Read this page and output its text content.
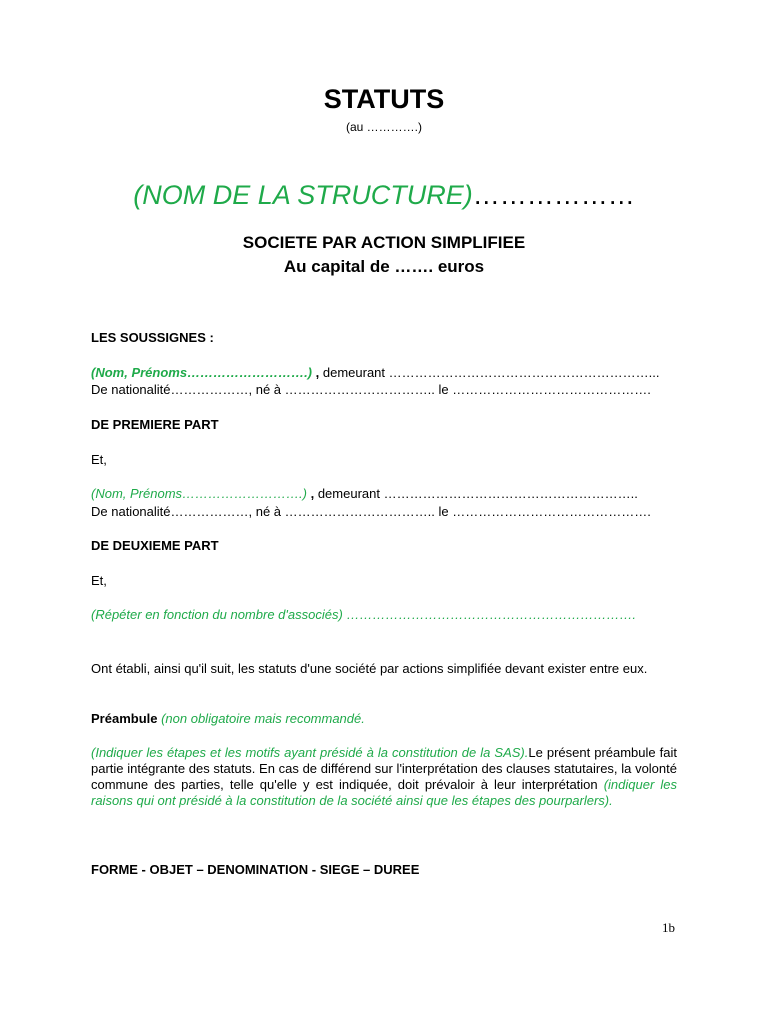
STATUTS
(au ………….)
(NOM DE LA STRUCTURE)………………
SOCIETE PAR ACTION SIMPLIFIEE
Au capital de ……. euros
LES SOUSSIGNES :
(Nom, Prénoms……………………….) , demeurant ……………………………………………………...
De nationalité………………, né à …………………………….. le ……………………………………….
DE PREMIERE PART
Et,
(Nom, Prénoms……………………….) , demeurant …………………………………………………..
De nationalité………………, né à …………………………….. le ……………………………………….
DE DEUXIEME PART
Et,
(Répéter en fonction du nombre d'associés) ………………………………………………………….
Ont établi, ainsi qu'il suit, les statuts d'une société par actions simplifiée devant exister entre eux.
Préambule (non obligatoire mais recommandé.
(Indiquer les étapes et les motifs ayant présidé à la constitution de la SAS).Le présent préambule fait partie intégrante des statuts. En cas de différend sur l'interprétation des clauses statutaires, la volonté commune des parties, telle qu'elle y est indiquée, doit prévaloir à leur interprétation (indiquer les raisons qui ont présidé à la constitution de la société ainsi que les étapes des pourparlers).
FORME - OBJET – DENOMINATION - SIEGE – DUREE
1b
